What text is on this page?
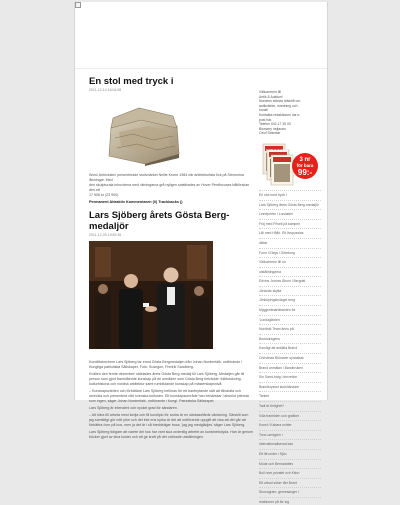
En stol med tryck i
2011-12-14 16:04:55
Wow! Antrickslev presenterade stolsmärket Nellie Krone 1984 när arkitekturfata fick på Stenmirna lånningar. Med
den skulpturala inhuvdena med vikningarna grå nyligen satsfirades av Hover Pentfocuses båtförskan den ett
17 908 kr (23 900).
Permanent Attraktiv Kommentaren (0) Trackbacks ()
Lars Sjöberg årets Gösta Berg-medaljör
2011-12-09 19:52:46
Kondittstorchern Lars Sjöberg tar emot Gösta Bergmedaljen från Johan Nordenfalk, ordförande i Kungliga patrioliska Sällskapet. Foto: Susegon, Fredrik Sandberg.
Kvällen den femte december utdelades årets Gösta Berg-medalj till Lars Sjöberg. Medaljen går till person som gjort framstående kunskap på de områden som Gösta Berg beträdde: folkforskning, kulturhistoria och nordisk arkitektur samt rumbildande kunskap på mästerskapsnivå.
– Kunskapsvärden och förbättare Lars Sjöberg belönas för ett banbrytande sätt att tillvarata och utveckla och presentera vårt svenska kulturarv. Ett kunskapsområde han behärskar i absolut yttersta som ingen, säger Johan Nordenfalk, ordförande i Kungl. Patriotiska Sällskapet.
Lars Sjöberg är intendent och nyckel grad för sändaren.
– Att bära till arbeta mest kedja och få kondiplo för andra är en sänkasefärds vänlaning. Särskilt som jag samtidigt gör mitt yrke och det inte ens kyrka är det att ordförande uppgift att visa att det går att förbättra över på hus, men ja det är i så breddstigar boca, 'jag jag medglädjes' säger Lars Sjöberg.
Lars Sjöberg tidigare att varete del hus har vant slua ordentlig arbetet av kunstnebolyda. Han är genom böcker gjort av sina kuster och att ge kraft på det ordinarie utställningen.
Välkommen till
Antik & Auktion!
Nordens största tidskrift om
antikviteter, inredning och
konst!
Kontakta redaktionen via e-
post här.
Telefon 042-17 35 00
Bowvery nejlavan
Cecil Sekretar
3 nr
för bara
99:-
Antik & Auktion
En stol med tryck i
Lars Sjöberg årets Gösta Berg-medaljör
Linnéporter i Lundaten
Fröj med Frisell på kampen
Lilli med Hållö. Ett livspusslas
diktat
Form i Elegs i Göteborg
Välkommen till nu
utställningarna
Edvins Jornow Åbom i Bergdal
Jönsnäs skylta
Jönköpingsbolaget berg
Myggmästarbitanden for
'Lundagården'
Nordiskt Team ännu på
Bruksdragens
Kondigt att anstäla Brand
Christinas Blönaver synbaltak
Brand anmälan i Bandbruken
Sin Samt-bräg i decretion
Brandkrysset stolshändare
Tanket
Tadl är förlighet?
Villa framtiden och grafiker
Konst i Kabara ochter
Tora Landgren i
internationaliserad kan
Ett litt under i Sjöo
Mode och Bernadottes
Boll nom privatet och Kiton
Ett utbud söker tårr Buret
Skonogram. gemesanger i
reaktioner på för sig
